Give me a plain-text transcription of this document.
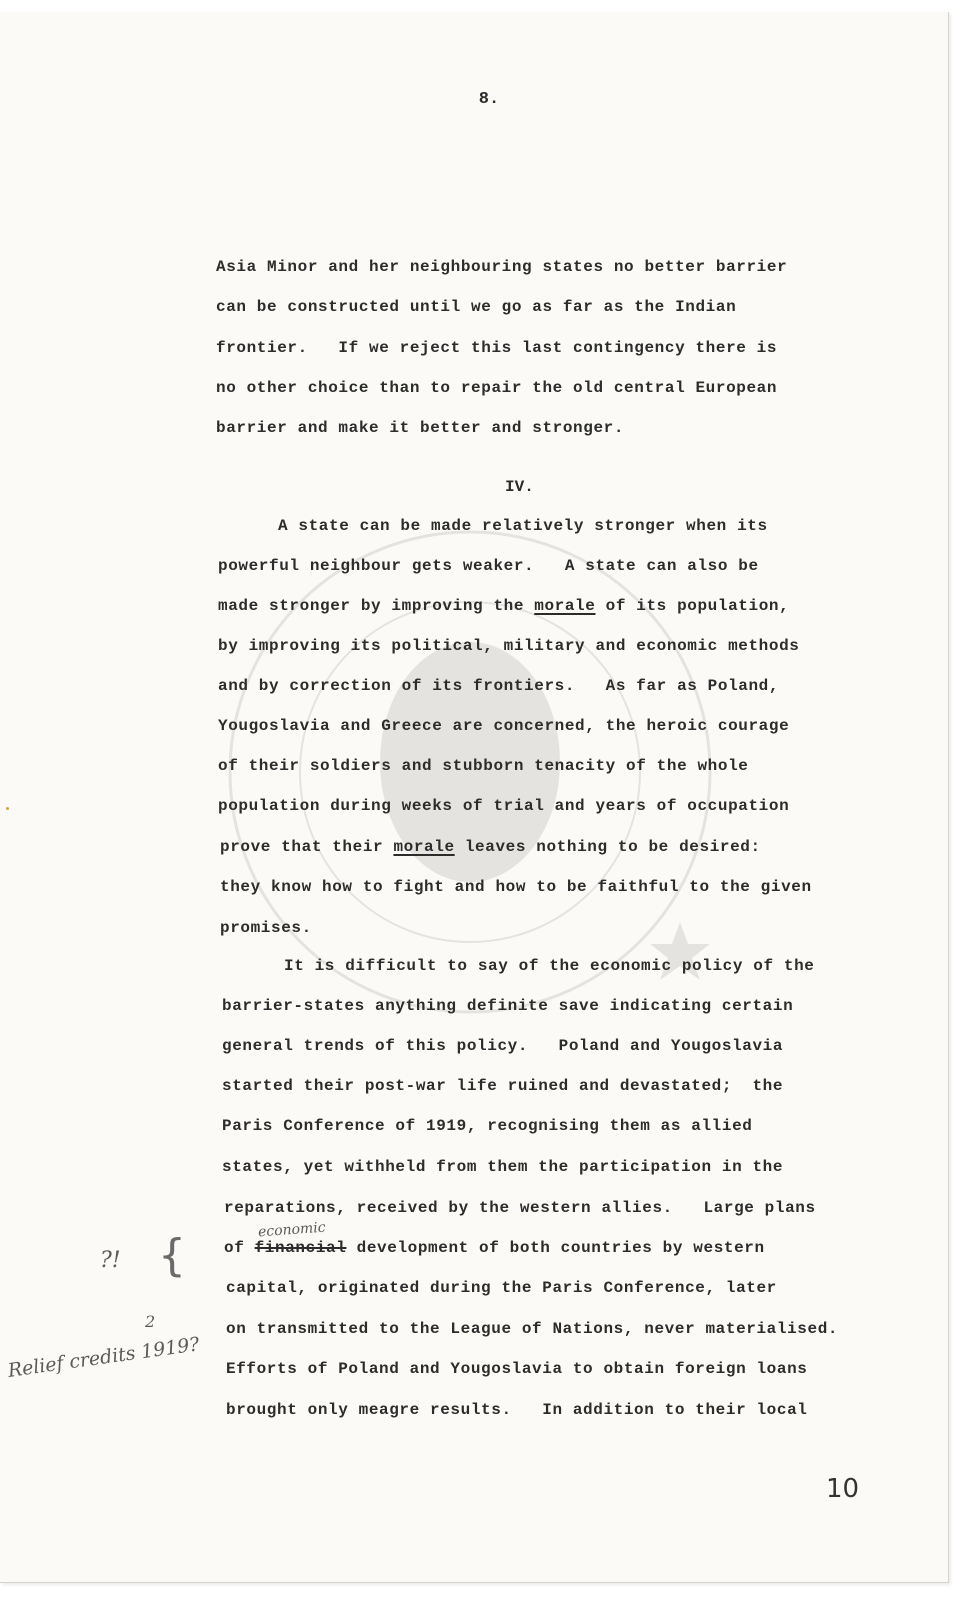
8.
Asia Minor and her neighbouring states no better barrier
can be constructed until we go as far as the Indian
frontier.   If we reject this last contingency there is
no other choice than to repair the old central European
barrier and make it better and stronger.
IV.
A state can be made relatively stronger when its
powerful neighbour gets weaker.   A state can also be
made stronger by improving the morale of its population,
by improving its political, military and economic methods
and by correction of its frontiers.   As far as Poland,
Yougoslavia and Greece are concerned, the heroic courage
of their soldiers and stubborn tenacity of the whole
population during weeks of trial and years of occupation
prove that their morale leaves nothing to be desired:
they know how to fight and how to be faithful to the given
promises.
It is difficult to say of the economic policy of the
barrier-states anything definite save indicating certain
general trends of this policy.   Poland and Yougoslavia
started their post-war life ruined and devastated;  the
Paris Conference of 1919, recognising them as allied
states, yet withheld from them the participation in the
reparations, received by the western allies.   Large plans
of financial development of both countries by western
capital, originated during the Paris Conference, later
on transmitted to the League of Nations, never materialised.
Efforts of Poland and Yougoslavia to obtain foreign loans
brought only meagre results.   In addition to their local
economic
?! {
2
Relief credits 1919?
10
